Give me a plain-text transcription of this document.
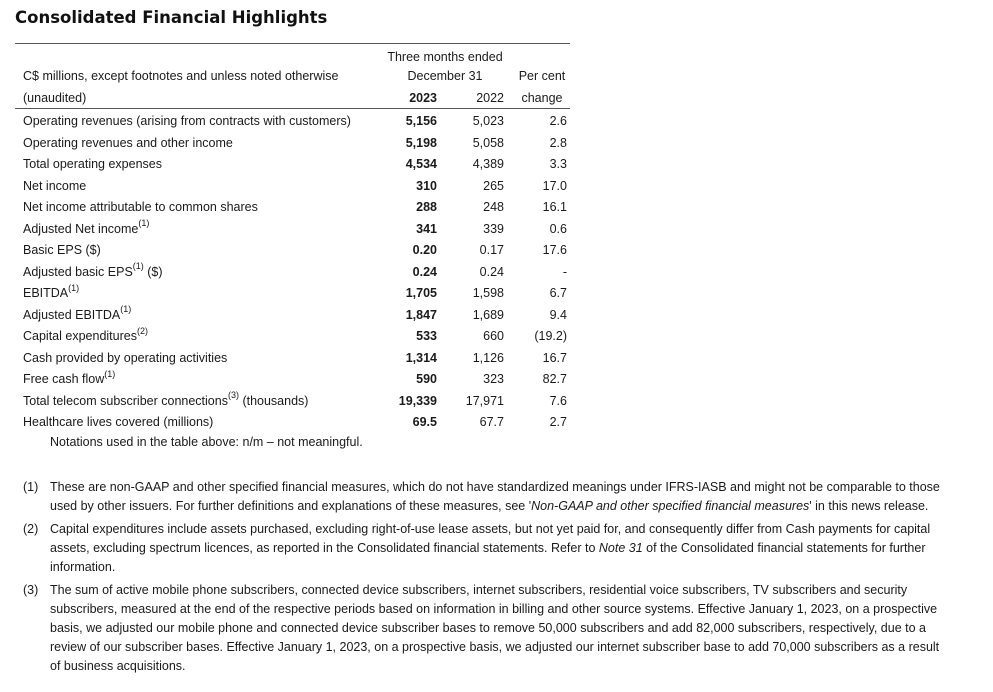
Consolidated Financial Highlights
Three months ended
December 31	Per cent
C$ millions, except footnotes and unless noted otherwise
(unaudited)	2023	2022	change
Operating revenues (arising from contracts with customers)	5,156	5,023	2.6
Operating revenues and other income	5,198	5,058	2.8
Total operating expenses	4,534	4,389	3.3
Net income	310	265	17.0
Net income attributable to common shares	288	248	16.1
Adjusted Net income$^{(1)}$	341	339	0.6
Basic EPS ($)	0.20	0.17	17.6
Adjusted basic EPS$^{(1)}$ ($)	0.24	0.24	-
EBITDA$^{(1)}$	1,705	1,598	6.7
Adjusted EBITDA$^{(1)}$	1,847	1,689	9.4
Capital expenditures$^{(2)}$	533	660	(19.2)
Cash provided by operating activities	1,314	1,126	16.7
Free cash flow$^{(1)}$	590	323	82.7
Total telecom subscriber connections$^{(3)}$ (thousands)	19,339	17,971	7.6
Healthcare lives covered (millions)	69.5	67.7	2.7
Notations used in the table above: n/m – not meaningful.
(1) These are non-GAAP and other specified financial measures, which do not have standardized meanings under IFRS-IASB and might not be comparable to those used by other issuers. For further definitions and explanations of these measures, see 'Non-GAAP and other specified financial measures' in this news release.
(2) Capital expenditures include assets purchased, excluding right-of-use lease assets, but not yet paid for, and consequently differ from Cash payments for capital assets, excluding spectrum licences, as reported in the Consolidated financial statements. Refer to Note 31 of the Consolidated financial statements for further information.
(3) The sum of active mobile phone subscribers, connected device subscribers, internet subscribers, residential voice subscribers, TV subscribers and security subscribers, measured at the end of the respective periods based on information in billing and other source systems. Effective January 1, 2023, on a prospective basis, we adjusted our mobile phone and connected device subscriber bases to remove 50,000 subscribers and add 82,000 subscribers, respectively, due to a review of our subscriber bases. Effective January 1, 2023, on a prospective basis, we adjusted our internet subscriber base to add 70,000 subscribers as a result of business acquisitions.
